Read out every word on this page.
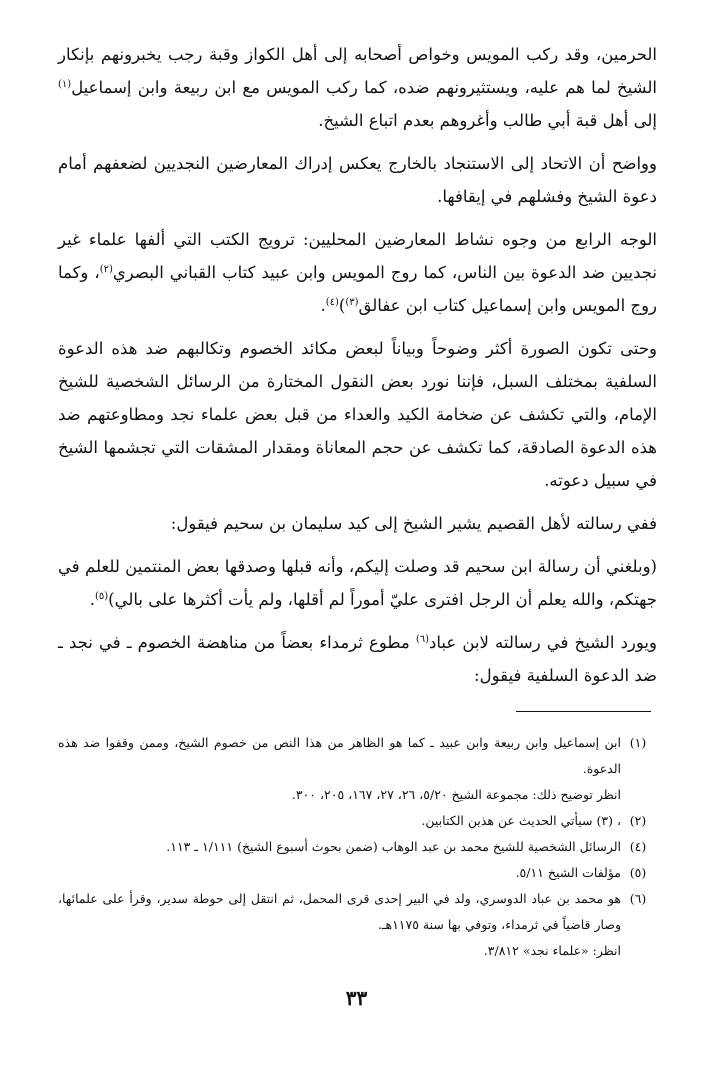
الحرمين، وقد ركب المويس وخواص أصحابه إلى أهل الكواز وقبة رجب يخبرونهم بإنكار الشيخ لما هم عليه، ويستثيرونهم ضده، كما ركب المويس مع ابن ربيعة وابن إسماعيل$^{(١)}$ إلى أهل قبة أبي طالب وأغروهم بعدم اتباع الشيخ.

وواضح أن الاتحاد إلى الاستنجاد بالخارج يعكس إدراك المعارضين النجديين لضعفهم أمام دعوة الشيخ وفشلهم في إيقافها.

الوجه الرابع من وجوه نشاط المعارضين المحليين: ترويج الكتب التي ألفها علماء غير نجديين ضد الدعوة بين الناس، كما روج المويس وابن عبيد كتاب القباني البصري$^{(٢)}$، وكما روج المويس وابن إسماعيل كتاب ابن عفالق$^{(٣)}$)$^{(٤)}$.

وحتى تكون الصورة أكثر وضوحاً وبياناً لبعض مكائد الخصوم وتكالبهم ضد هذه الدعوة السلفية بمختلف السبل، فإننا نورد بعض النقول المختارة من الرسائل الشخصية للشيخ الإمام، والتي تكشف عن ضخامة الكيد والعداء من قبل بعض علماء نجد ومطاوعتهم ضد هذه الدعوة الصادقة، كما تكشف عن حجم المعاناة ومقدار المشقات التي تجشمها الشيخ في سبيل دعوته.

ففي رسالته لأهل القصيم يشير الشيخ إلى كيد سليمان بن سحيم فيقول:

(وبلغني أن رسالة ابن سحيم قد وصلت إليكم، وأنه قبلها وصدقها بعض المنتمين للعلم في جهتكم، والله يعلم أن الرجل افترى عليّ أموراً لم أقلها، ولم يأت أكثرها على بالي)$^{(٥)}$.

ويورد الشيخ في رسالته لابن عباد$^{(٦)}$ مطوع ثرمداء بعضاً من مناهضة الخصوم ـ في نجد ـ ضد الدعوة السلفية فيقول:

(١)
ابن إسماعيل وابن ربيعة وابن عبيد ـ كما هو الظاهر من هذا النص من خصوم الشيخ، وممن وقفوا ضد هذه الدعوة.
انظر توضيح ذلك: مجموعة الشيخ ٥/٢٠، ٢٦، ٢٧، ١٦٧، ٢٠٥، ٣٠٠.
(٢)
، (٣) سيأتي الحديث عن هذين الكتابين.
(٤)
الرسائل الشخصية للشيخ محمد بن عبد الوهاب (ضمن بحوث أسبوع الشيخ) ١/١١١ ـ ١١٣.
(٥)
مؤلفات الشيخ ٥/١١.
(٦)
هو محمد بن عباد الدوسري، ولد في البير إحدى قرى المحمل، ثم انتقل إلى حوطة سدير، وقرأ على علمائها، وصار قاضياً في ثرمداء، وتوفي بها سنة ١١٧٥هـ.
انظر: «علماء نجد» ٣/٨١٢.
٣٣
